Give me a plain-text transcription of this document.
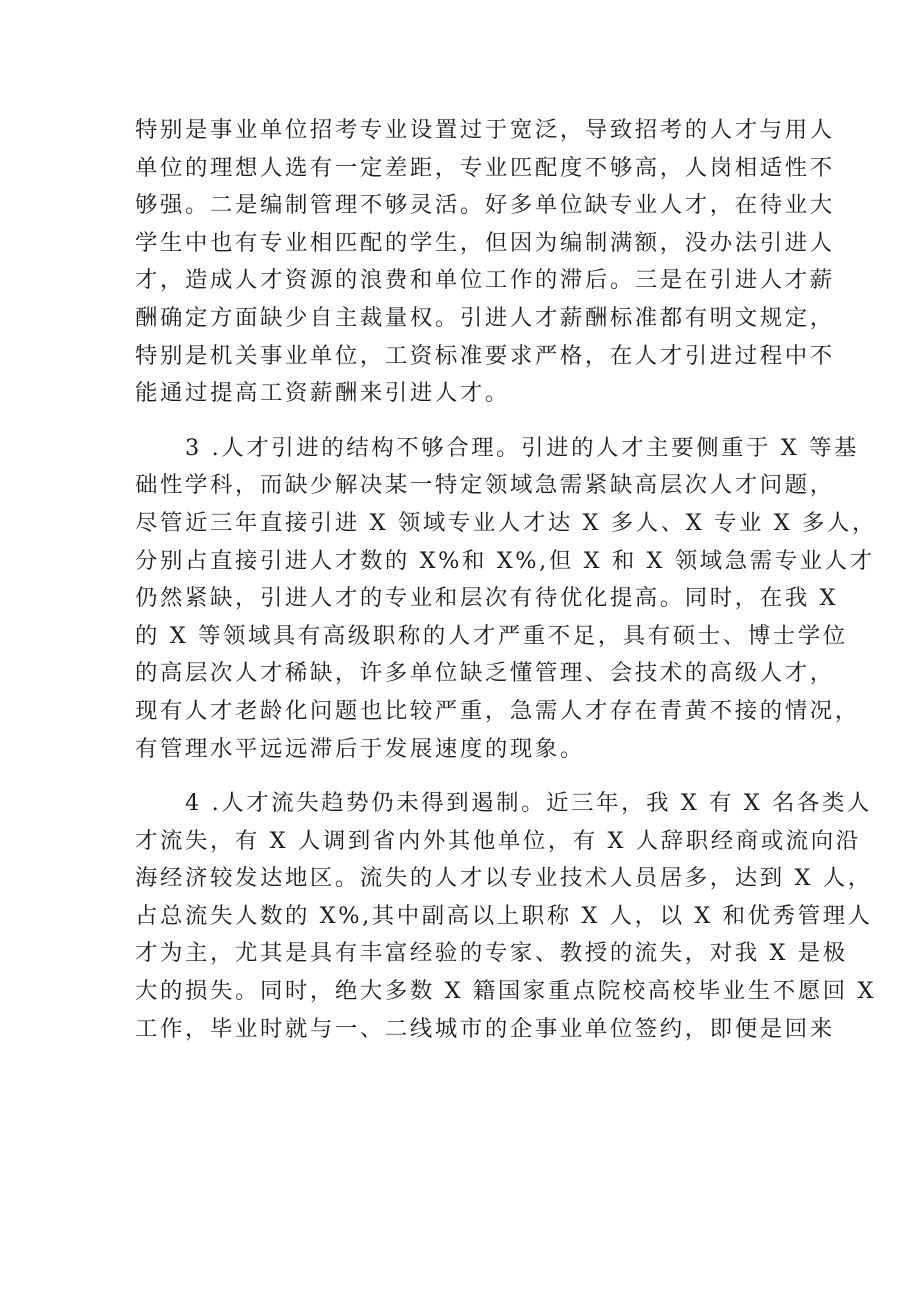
特别是事业单位招考专业设置过于宽泛，导致招考的人才与用人
单位的理想人选有一定差距，专业匹配度不够高，人岗相适性不
够强。二是编制管理不够灵活。好多单位缺专业人才，在待业大
学生中也有专业相匹配的学生，但因为编制满额，没办法引进人
才，造成人才资源的浪费和单位工作的滞后。三是在引进人才薪
酬确定方面缺少自主裁量权。引进人才薪酬标准都有明文规定，
特别是机关事业单位，工资标准要求严格，在人才引进过程中不
能通过提高工资薪酬来引进人才。
3 .人才引进的结构不够合理。引进的人才主要侧重于 X 等基
础性学科，而缺少解决某一特定领域急需紧缺高层次人才问题，
尽管近三年直接引进 X 领域专业人才达 X 多人、X 专业 X 多人，
分别占直接引进人才数的 X%和 X%,但 X 和 X 领域急需专业人才
仍然紧缺，引进人才的专业和层次有待优化提高。同时，在我 X
的 X 等领域具有高级职称的人才严重不足，具有硕士、博士学位
的高层次人才稀缺，许多单位缺乏懂管理、会技术的高级人才，
现有人才老龄化问题也比较严重，急需人才存在青黄不接的情况，
有管理水平远远滞后于发展速度的现象。
4 .人才流失趋势仍未得到遏制。近三年，我 X 有 X 名各类人
才流失，有 X 人调到省内外其他单位，有 X 人辞职经商或流向沿
海经济较发达地区。流失的人才以专业技术人员居多，达到 X 人，
占总流失人数的 X%,其中副高以上职称 X 人，以 X 和优秀管理人
才为主，尤其是具有丰富经验的专家、教授的流失，对我 X 是极
大的损失。同时，绝大多数 X 籍国家重点院校高校毕业生不愿回 X
工作，毕业时就与一、二线城市的企事业单位签约，即便是回来
